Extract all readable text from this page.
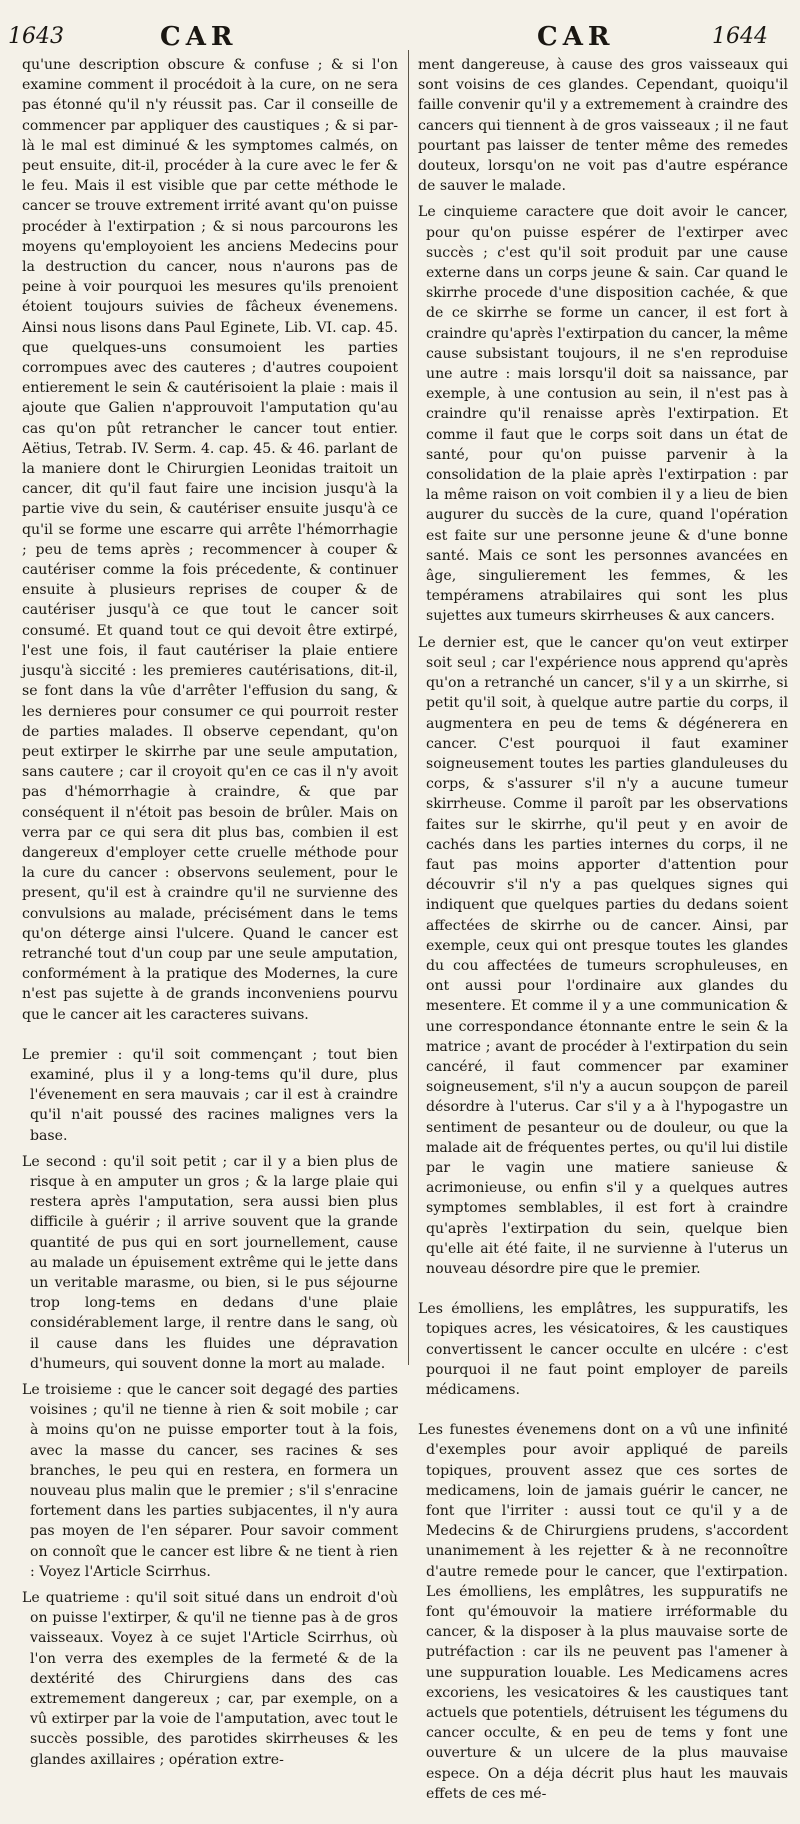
1643	CAR	CAR	1644

qu'une description obscure & confuse ; & si l'on examine comment il procédoit à la cure, on ne sera pas étonné qu'il n'y réussit pas. Car il conseille de commencer par appliquer des caustiques ; & si par-là le mal est diminué & les symptomes calmés, on peut ensuite, dit-il, procéder à la cure avec le fer & le feu. Mais il est visible que par cette méthode le cancer se trouve extrement irrité avant qu'on puisse procéder à l'extirpation ; & si nous parcourons les moyens qu'employoient les anciens Medecins pour la destruction du cancer, nous n'aurons pas de peine à voir pourquoi les mesures qu'ils prenoient étoient toujours suivies de fâcheux évenemens. Ainsi nous lisons dans Paul Eginete, Lib. VI. cap. 45. que quelques-uns consumoient les parties corrompues avec des cauteres ; d'autres coupoient entierement le sein & cautérisoient la plaie : mais il ajoute que Galien n'approuvoit l'amputation qu'au cas qu'on pût retrancher le cancer tout entier. Aëtius, Tetrab. IV. Serm. 4. cap. 45. & 46. parlant de la maniere dont le Chirurgien Leonidas traitoit un cancer, dit qu'il faut faire une incision jusqu'à la partie vive du sein, & cautériser ensuite jusqu'à ce qu'il se forme une escarre qui arrête l'hémorrhagie ; peu de tems après ; recommencer à couper & cautériser comme la fois précedente, & continuer ensuite à plusieurs reprises de couper & de cautériser jusqu'à ce que tout le cancer soit consumé. Et quand tout ce qui devoit être extirpé, l'est une fois, il faut cautériser la plaie entiere jusqu'à siccité : les premieres cautérisations, dit-il, se font dans la vûe d'arrêter l'effusion du sang, & les dernieres pour consumer ce qui pourroit rester de parties malades. Il observe cependant, qu'on peut extirper le skirrhe par une seule amputation, sans cautere ; car il croyoit qu'en ce cas il n'y avoit pas d'hémorrhagie à craindre, & que par conséquent il n'étoit pas besoin de brûler. Mais on verra par ce qui sera dit plus bas, combien il est dangereux d'employer cette cruelle méthode pour la cure du cancer : observons seulement, pour le present, qu'il est à craindre qu'il ne survienne des convulsions au malade, précisément dans le tems qu'on déterge ainsi l'ulcere. Quand le cancer est retranché tout d'un coup par une seule amputation, conformément à la pratique des Modernes, la cure n'est pas sujette à de grands inconveniens pourvu que le cancer ait les caracteres suivans.

Le premier : qu'il soit commençant ; tout bien examiné, plus il y a long-tems qu'il dure, plus l'évenement en sera mauvais ; car il est à craindre qu'il n'ait poussé des racines malignes vers la base.

Le second : qu'il soit petit ; car il y a bien plus de risque à en amputer un gros ; & la large plaie qui restera après l'amputation, sera aussi bien plus difficile à guérir ; il arrive souvent que la grande quantité de pus qui en sort journellement, cause au malade un épuisement extrême qui le jette dans un veritable marasme, ou bien, si le pus séjourne trop long-tems en dedans d'une plaie considérablement large, il rentre dans le sang, où il cause dans les fluides une dépravation d'humeurs, qui souvent donne la mort au malade.

Le troisieme : que le cancer soit degagé des parties voisines ; qu'il ne tienne à rien & soit mobile ; car à moins qu'on ne puisse emporter tout à la fois, avec la masse du cancer, ses racines & ses branches, le peu qui en restera, en formera un nouveau plus malin que le premier ; s'il s'enracine fortement dans les parties subjacentes, il n'y aura pas moyen de l'en séparer. Pour savoir comment on connoît que le cancer est libre & ne tient à rien : Voyez l'Article Scirrhus.

Le quatrieme : qu'il soit situé dans un endroit d'où on puisse l'extirper, & qu'il ne tienne pas à de gros vaisseaux. Voyez à ce sujet l'Article Scirrhus, où l'on verra des exemples de la fermeté & de la dextérité des Chirurgiens dans des cas extremement dangereux ; car, par exemple, on a vû extirper par la voie de l'amputation, avec tout le succès possible, des parotides skirrheuses & les glandes axillaires ; opération extre-

ment dangereuse, à cause des gros vaisseaux qui sont voisins de ces glandes. Cependant, quoiqu'il faille convenir qu'il y a extremement à craindre des cancers qui tiennent à de gros vaisseaux ; il ne faut pourtant pas laisser de tenter même des remedes douteux, lorsqu'on ne voit pas d'autre espérance de sauver le malade.

Le cinquieme caractere que doit avoir le cancer, pour qu'on puisse espérer de l'extirper avec succès ; c'est qu'il soit produit par une cause externe dans un corps jeune & sain. Car quand le skirrhe procede d'une disposition cachée, & que de ce skirrhe se forme un cancer, il est fort à craindre qu'après l'extirpation du cancer, la même cause subsistant toujours, il ne s'en reproduise une autre : mais lorsqu'il doit sa naissance, par exemple, à une contusion au sein, il n'est pas à craindre qu'il renaisse après l'extirpation. Et comme il faut que le corps soit dans un état de santé, pour qu'on puisse parvenir à la consolidation de la plaie après l'extirpation : par la même raison on voit combien il y a lieu de bien augurer du succès de la cure, quand l'opération est faite sur une personne jeune & d'une bonne santé. Mais ce sont les personnes avancées en âge, singulierement les femmes, & les tempéramens atrabilaires qui sont les plus sujettes aux tumeurs skirrheuses & aux cancers.

Le dernier est, que le cancer qu'on veut extirper soit seul ; car l'expérience nous apprend qu'après qu'on a retranché un cancer, s'il y a un skirrhe, si petit qu'il soit, à quelque autre partie du corps, il augmentera en peu de tems & dégénerera en cancer. C'est pourquoi il faut examiner soigneusement toutes les parties glanduleuses du corps, & s'assurer s'il n'y a aucune tumeur skirrheuse. Comme il paroît par les observations faites sur le skirrhe, qu'il peut y en avoir de cachés dans les parties internes du corps, il ne faut pas moins apporter d'attention pour découvrir s'il n'y a pas quelques signes qui indiquent que quelques parties du dedans soient affectées de skirrhe ou de cancer. Ainsi, par exemple, ceux qui ont presque toutes les glandes du cou affectées de tumeurs scrophuleuses, en ont aussi pour l'ordinaire aux glandes du mesentere. Et comme il y a une communication & une correspondance étonnante entre le sein & la matrice ; avant de procéder à l'extirpation du sein cancéré, il faut commencer par examiner soigneusement, s'il n'y a aucun soupçon de pareil désordre à l'uterus. Car s'il y a à l'hypogastre un sentiment de pesanteur ou de douleur, ou que la malade ait de fréquentes pertes, ou qu'il lui distile par le vagin une matiere sanieuse & acrimonieuse, ou enfin s'il y a quelques autres symptomes semblables, il est fort à craindre qu'après l'extirpation du sein, quelque bien qu'elle ait été faite, il ne survienne à l'uterus un nouveau désordre pire que le premier.

Les émolliens, les emplâtres, les suppuratifs, les topiques acres, les vésicatoires, & les caustiques convertissent le cancer occulte en ulcére : c'est pourquoi il ne faut point employer de pareils médicamens.

Les funestes évenemens dont on a vû une infinité d'exemples pour avoir appliqué de pareils topiques, prouvent assez que ces sortes de medicamens, loin de jamais guérir le cancer, ne font que l'irriter : aussi tout ce qu'il y a de Medecins & de Chirurgiens prudens, s'accordent unanimement à les rejetter & à ne reconnoître d'autre remede pour le cancer, que l'extirpation. Les émolliens, les emplâtres, les suppuratifs ne font qu'émouvoir la matiere irréformable du cancer, & la disposer à la plus mauvaise sorte de putréfaction : car ils ne peuvent pas l'amener à une suppuration louable. Les Medicamens acres excoriens, les vesicatoires & les caustiques tant actuels que potentiels, détruisent les tégumens du cancer occulte, & en peu de tems y font une ouverture & un ulcere de la plus mauvaise espece. On a déja décrit plus haut les mauvais effets de ces mé-
